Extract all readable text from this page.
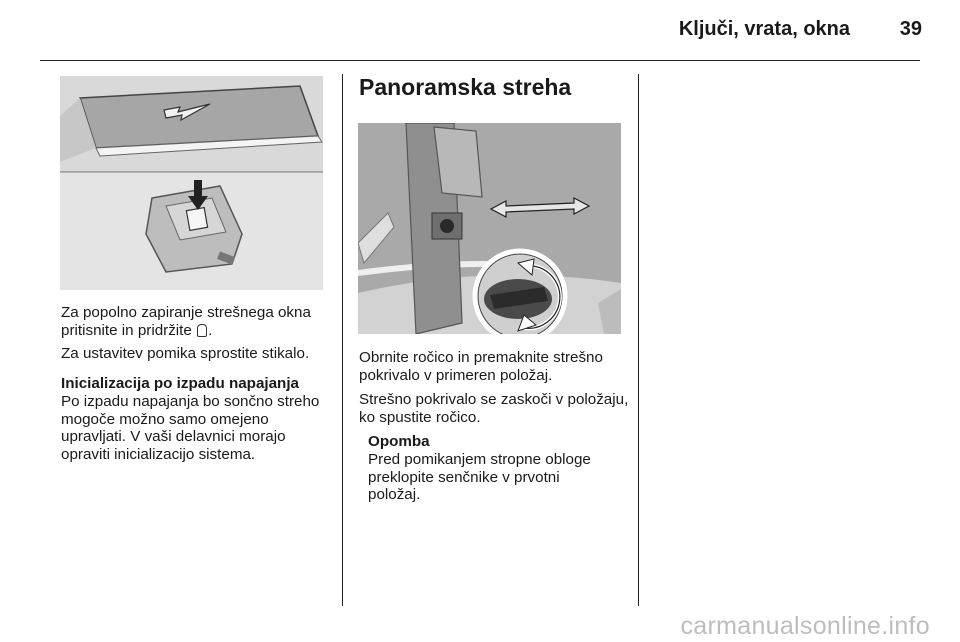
Ključi, vrata, okna	39

Za popolno zapiranje strešnega okna pritisnite in pridržite .

Za ustavitev pomika sprostite stikalo.

Inicializacija po izpadu napajanja

Po izpadu napajanja bo sončno streho mogoče možno samo omejeno upravljati. V vaši delavnici morajo opraviti inicializacijo sistema.

Panoramska streha

Obrnite ročico in premaknite strešno pokrivalo v primeren položaj.

Strešno pokrivalo se zaskoči v položaju, ko spustite ročico.

Opomba

Pred pomikanjem stropne obloge preklopite senčnike v prvotni položaj.

carmanualsonline.info
